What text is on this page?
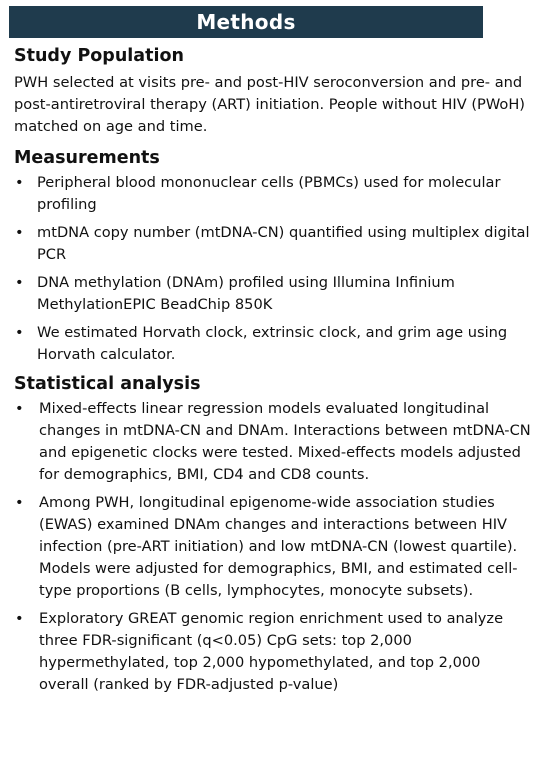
Methods
Study Population

PWH selected at visits pre- and post-HIV seroconversion and pre- and post-antiretroviral therapy (ART) initiation. People without HIV (PWoH) matched on age and time.

Measurements
• Peripheral blood mononuclear cells (PBMCs) used for molecular profiling
• mtDNA copy number (mtDNA-CN) quantified using multiplex digital PCR
• DNA methylation (DNAm) profiled using Illumina Infinium MethylationEPIC BeadChip 850K
• We estimated Horvath clock, extrinsic clock, and grim age using Horvath calculator.
Statistical analysis
• Mixed-effects linear regression models evaluated longitudinal changes in mtDNA-CN and DNAm. Interactions between mtDNA-CN and epigenetic clocks were tested. Mixed-effects models adjusted for demographics, BMI, CD4 and CD8 counts.
• Among PWH, longitudinal epigenome-wide association studies (EWAS) examined DNAm changes and interactions between HIV infection (pre-ART initiation) and low mtDNA-CN (lowest quartile). Models were adjusted for demographics, BMI, and estimated cell-type proportions (B cells, lymphocytes, monocyte subsets).
• Exploratory GREAT genomic region enrichment used to analyze three FDR-significant (q<0.05) CpG sets: top 2,000 hypermethylated, top 2,000 hypomethylated, and top 2,000 overall (ranked by FDR-adjusted p-value)
